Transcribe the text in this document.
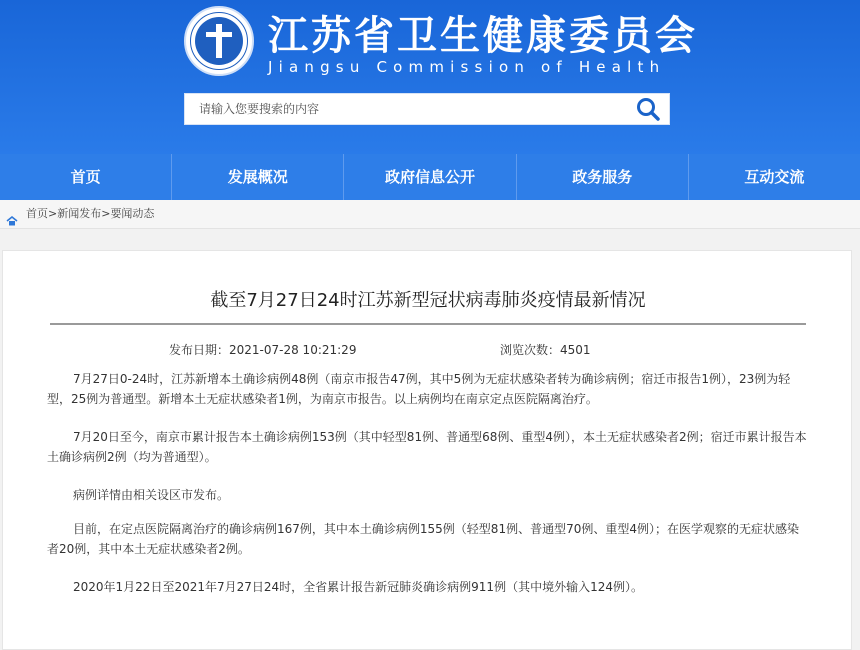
江苏省卫生健康委员会
Jiangsu Commission of Health
请输入您要搜索的内容
首页	发展概况	政府信息公开	政务服务	互动交流
首页>新闻发布>要闻动态
截至7月27日24时江苏新型冠状病毒肺炎疫情最新情况
发布日期：2021-07-28 10:21:29	浏览次数：4501

7月27日0-24时，江苏新增本土确诊病例48例（南京市报告47例，其中5例为无症状感染者转为确诊病例；宿迁市报告1例），23例为轻型，25例为普通型。新增本土无症状感染者1例，为南京市报告。以上病例均在南京定点医院隔离治疗。

7月20日至今，南京市累计报告本土确诊病例153例（其中轻型81例、普通型68例、重型4例），本土无症状感染者2例；宿迁市累计报告本土确诊病例2例（均为普通型）。

病例详情由相关设区市发布。

目前，在定点医院隔离治疗的确诊病例167例，其中本土确诊病例155例（轻型81例、普通型70例、重型4例）；在医学观察的无症状感染者20例，其中本土无症状感染者2例。

2020年1月22日至2021年7月27日24时，全省累计报告新冠肺炎确诊病例911例（其中境外输入124例）。
